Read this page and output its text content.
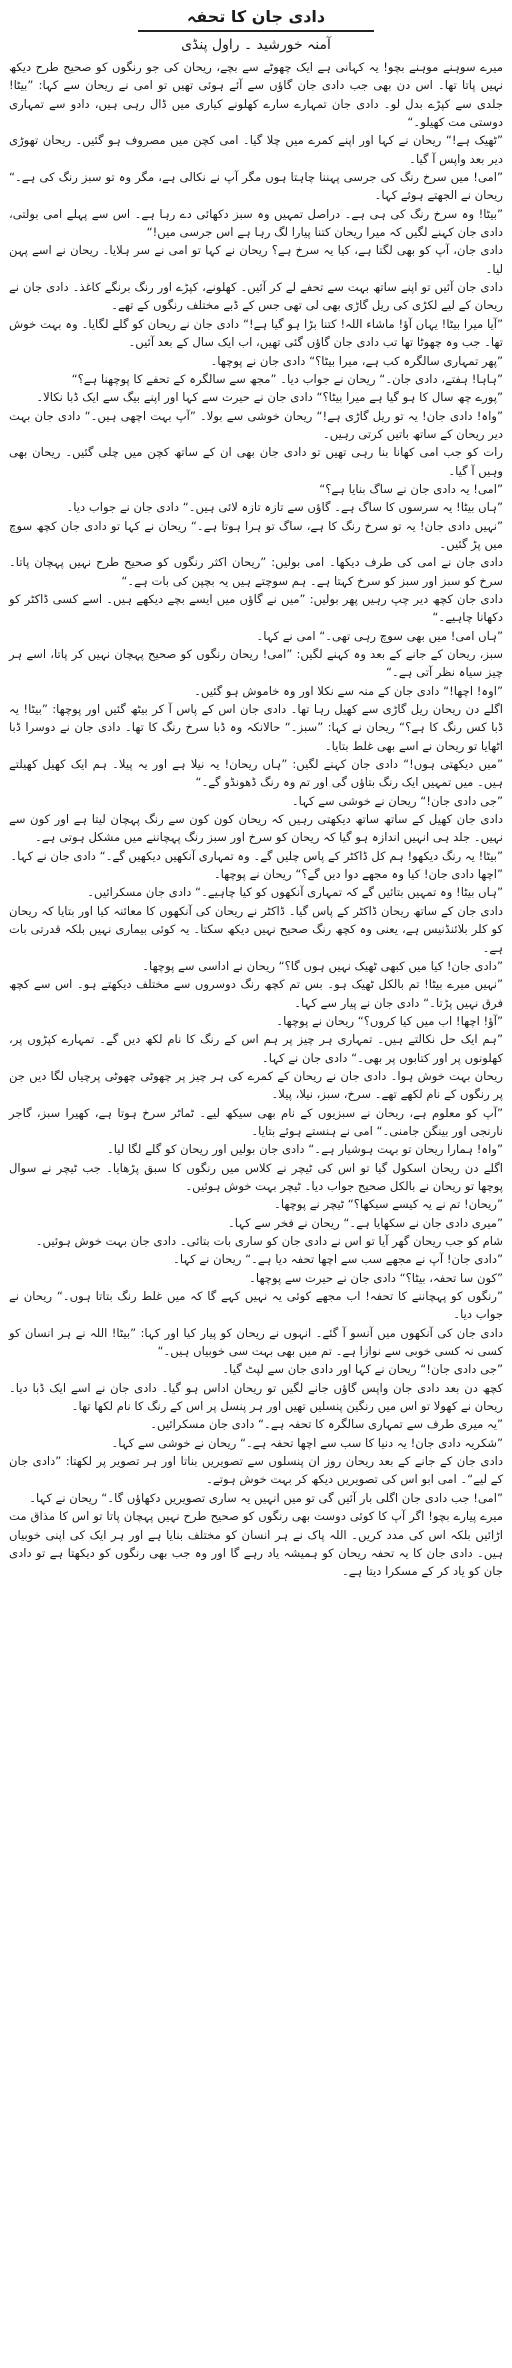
دادی جان کا تحفہ
آمنہ خورشید ۔ راول پنڈی

میرے سوہنے موہنے بچو! یہ کہانی ہے ایک چھوٹے سے بچے، ریحان کی جو رنگوں کو صحیح طرح دیکھ نہیں پاتا تھا۔ اس دن بھی جب دادی جان گاؤں سے آئے ہوئی تھیں تو امی نے ریحان سے کہا: ”بیٹا! جلدی سے کپڑے بدل لو۔ دادی جان تمہارے سارے کھلونے کیاری میں ڈال رہی ہیں، دادو سے تمہاری دوستی مت کھیلو۔“

”ٹھیک ہے!“ ریحان نے کہا اور اپنے کمرے میں چلا گیا۔ امی کچن میں مصروف ہو گئیں۔ ریحان تھوڑی دیر بعد واپس آ گیا۔

”امی! میں سرخ رنگ کی جرسی پہننا چاہتا ہوں مگر آپ نے نکالی ہے، مگر وہ تو سبز رنگ کی ہے۔“ ریحان نے الجھتے ہوئے کہا۔

”بیٹا! وہ سرخ رنگ کی ہی ہے۔ دراصل تمہیں وہ سبز دکھائی دے رہا ہے۔ اس سے پہلے امی بولتی، دادی جان کہنے لگیں کہ میرا ریحان کتنا پیارا لگ رہا ہے اس جرسی میں!“

دادی جان، آپ کو بھی لگتا ہے، کیا یہ سرخ ہے؟ ریحان نے کہا تو امی نے سر ہلایا۔ ریحان نے اسے پہن لیا۔

دادی جان آئیں تو اپنے ساتھ بہت سے تحفے لے کر آئیں۔ کھلونے، کپڑے اور رنگ برنگے کاغذ۔ دادی جان نے ریحان کے لیے لکڑی کی ریل گاڑی بھی لی تھی جس کے ڈبے مختلف رنگوں کے تھے۔

”آیا میرا بیٹا! یہاں آؤ! ماشاء اللہ! کتنا بڑا ہو گیا ہے!“ دادی جان نے ریحان کو گلے لگایا۔ وہ بہت خوش تھا۔ جب وہ چھوٹا تھا تب دادی جان گاؤں گئی تھیں، اب ایک سال کے بعد آئیں۔

”پھر تمہاری سالگرہ کب ہے، میرا بیٹا؟“ دادی جان نے پوچھا۔

”ہاہا! ہفتے، دادی جان۔“ ریحان نے جواب دیا۔ ”مجھ سے سالگرہ کے تحفے کا پوچھنا ہے؟“

”پورے چھ سال کا ہو گیا ہے میرا بیٹا؟“ دادی جان نے حیرت سے کہا اور اپنے بیگ سے ایک ڈبا نکالا۔

”واہ! دادی جان! یہ تو ریل گاڑی ہے!“ ریحان خوشی سے بولا۔ ”آپ بہت اچھی ہیں۔“ دادی جان بہت دیر ریحان کے ساتھ باتیں کرتی رہیں۔

رات کو جب امی کھانا بنا رہی تھیں تو دادی جان بھی ان کے ساتھ کچن میں چلی گئیں۔ ریحان بھی وہیں آ گیا۔

”امی! یہ دادی جان نے ساگ بنایا ہے؟“

”ہاں بیٹا! یہ سرسوں کا ساگ ہے۔ گاؤں سے تازہ تازہ لائی ہیں۔“ دادی جان نے جواب دیا۔

”نہیں دادی جان! یہ تو سرخ رنگ کا ہے، ساگ تو ہرا ہوتا ہے۔“ ریحان نے کہا تو دادی جان کچھ سوچ میں پڑ گئیں۔

دادی جان نے امی کی طرف دیکھا۔ امی بولیں: ”ریحان اکثر رنگوں کو صحیح طرح نہیں پہچان پاتا۔ سرخ کو سبز اور سبز کو سرخ کہتا ہے۔ ہم سوچتے ہیں یہ بچپن کی بات ہے۔“

دادی جان کچھ دیر چپ رہیں پھر بولیں: ”میں نے گاؤں میں ایسے بچے دیکھے ہیں۔ اسے کسی ڈاکٹر کو دکھانا چاہیے۔“

”ہاں امی! میں بھی سوچ رہی تھی۔“ امی نے کہا۔

سبز، ریحان کے جانے کے بعد وہ کہنے لگیں: ”امی! ریحان رنگوں کو صحیح پہچان نہیں کر پاتا، اسے ہر چیز سیاہ نظر آتی ہے۔“

”اوہ! اچھا!“ دادی جان کے منہ سے نکلا اور وہ خاموش ہو گئیں۔

اگلے دن ریحان ریل گاڑی سے کھیل رہا تھا۔ دادی جان اس کے پاس آ کر بیٹھ گئیں اور پوچھا: ”بیٹا! یہ ڈبا کس رنگ کا ہے؟“ ریحان نے کہا: ”سبز۔“ حالانکہ وہ ڈبا سرخ رنگ کا تھا۔ دادی جان نے دوسرا ڈبا اٹھایا تو ریحان نے اسے بھی غلط بتایا۔

”میں دیکھتی ہوں!“ دادی جان کہنے لگیں: ”ہاں ریحان! یہ نیلا ہے اور یہ پیلا۔ ہم ایک کھیل کھیلتے ہیں۔ میں تمہیں ایک رنگ بتاؤں گی اور تم وہ رنگ ڈھونڈو گے۔“

”جی دادی جان!“ ریحان نے خوشی سے کہا۔

دادی جان کھیل کے ساتھ ساتھ دیکھتی رہیں کہ ریحان کون کون سے رنگ پہچان لیتا ہے اور کون سے نہیں۔ جلد ہی انہیں اندازہ ہو گیا کہ ریحان کو سرخ اور سبز رنگ پہچاننے میں مشکل ہوتی ہے۔

”بیٹا! یہ رنگ دیکھو! ہم کل ڈاکٹر کے پاس چلیں گے۔ وہ تمہاری آنکھیں دیکھیں گے۔“ دادی جان نے کہا۔

”اچھا دادی جان! کیا وہ مجھے دوا دیں گے؟“ ریحان نے پوچھا۔

”ہاں بیٹا! وہ تمہیں بتائیں گے کہ تمہاری آنکھوں کو کیا چاہیے۔“ دادی جان مسکرائیں۔

دادی جان کے ساتھ ریحان ڈاکٹر کے پاس گیا۔ ڈاکٹر نے ریحان کی آنکھوں کا معائنہ کیا اور بتایا کہ ریحان کو کلر بلائنڈنیس ہے، یعنی وہ کچھ رنگ صحیح نہیں دیکھ سکتا۔ یہ کوئی بیماری نہیں بلکہ قدرتی بات ہے۔

”دادی جان! کیا میں کبھی ٹھیک نہیں ہوں گا؟“ ریحان نے اداسی سے پوچھا۔

”نہیں میرے بیٹا! تم بالکل ٹھیک ہو۔ بس تم کچھ رنگ دوسروں سے مختلف دیکھتے ہو۔ اس سے کچھ فرق نہیں پڑتا۔“ دادی جان نے پیار سے کہا۔

”آؤ! اچھا! اب میں کیا کروں؟“ ریحان نے پوچھا۔

”ہم ایک حل نکالتے ہیں۔ تمہاری ہر چیز پر ہم اس کے رنگ کا نام لکھ دیں گے۔ تمہارے کپڑوں پر، کھلونوں پر اور کتابوں پر بھی۔“ دادی جان نے کہا۔

ریحان بہت خوش ہوا۔ دادی جان نے ریحان کے کمرے کی ہر چیز پر چھوٹی چھوٹی پرچیاں لگا دیں جن پر رنگوں کے نام لکھے تھے۔ سرخ، سبز، نیلا، پیلا۔

”آپ کو معلوم ہے، ریحان نے سبزیوں کے نام بھی سیکھ لیے۔ ٹماٹر سرخ ہوتا ہے، کھیرا سبز، گاجر نارنجی اور بینگن جامنی۔“ امی نے ہنستے ہوئے بتایا۔

”واہ! ہمارا ریحان تو بہت ہوشیار ہے۔“ دادی جان بولیں اور ریحان کو گلے لگا لیا۔

اگلے دن ریحان اسکول گیا تو اس کی ٹیچر نے کلاس میں رنگوں کا سبق پڑھایا۔ جب ٹیچر نے سوال پوچھا تو ریحان نے بالکل صحیح جواب دیا۔ ٹیچر بہت خوش ہوئیں۔

”ریحان! تم نے یہ کیسے سیکھا؟“ ٹیچر نے پوچھا۔

”میری دادی جان نے سکھایا ہے۔“ ریحان نے فخر سے کہا۔

شام کو جب ریحان گھر آیا تو اس نے دادی جان کو ساری بات بتائی۔ دادی جان بہت خوش ہوئیں۔

”دادی جان! آپ نے مجھے سب سے اچھا تحفہ دیا ہے۔“ ریحان نے کہا۔

”کون سا تحفہ، بیٹا؟“ دادی جان نے حیرت سے پوچھا۔

”رنگوں کو پہچاننے کا تحفہ! اب مجھے کوئی یہ نہیں کہے گا کہ میں غلط رنگ بتاتا ہوں۔“ ریحان نے جواب دیا۔

دادی جان کی آنکھوں میں آنسو آ گئے۔ انہوں نے ریحان کو پیار کیا اور کہا: ”بیٹا! اللہ نے ہر انسان کو کسی نہ کسی خوبی سے نوازا ہے۔ تم میں بھی بہت سی خوبیاں ہیں۔“

”جی دادی جان!“ ریحان نے کہا اور دادی جان سے لپٹ گیا۔

کچھ دن بعد دادی جان واپس گاؤں جانے لگیں تو ریحان اداس ہو گیا۔ دادی جان نے اسے ایک ڈبا دیا۔ ریحان نے کھولا تو اس میں رنگین پنسلیں تھیں اور ہر پنسل پر اس کے رنگ کا نام لکھا تھا۔

”یہ میری طرف سے تمہاری سالگرہ کا تحفہ ہے۔“ دادی جان مسکرائیں۔

”شکریہ دادی جان! یہ دنیا کا سب سے اچھا تحفہ ہے۔“ ریحان نے خوشی سے کہا۔

دادی جان کے جانے کے بعد ریحان روز ان پنسلوں سے تصویریں بناتا اور ہر تصویر پر لکھتا: ”دادی جان کے لیے“۔ امی ابو اس کی تصویریں دیکھ کر بہت خوش ہوتے۔

”امی! جب دادی جان اگلی بار آئیں گی تو میں انہیں یہ ساری تصویریں دکھاؤں گا۔“ ریحان نے کہا۔

میرے پیارے بچو! اگر آپ کا کوئی دوست بھی رنگوں کو صحیح طرح نہیں پہچان پاتا تو اس کا مذاق مت اڑائیں بلکہ اس کی مدد کریں۔ اللہ پاک نے ہر انسان کو مختلف بنایا ہے اور ہر ایک کی اپنی خوبیاں ہیں۔ دادی جان کا یہ تحفہ ریحان کو ہمیشہ یاد رہے گا اور وہ جب بھی رنگوں کو دیکھتا ہے تو دادی جان کو یاد کر کے مسکرا دیتا ہے۔
